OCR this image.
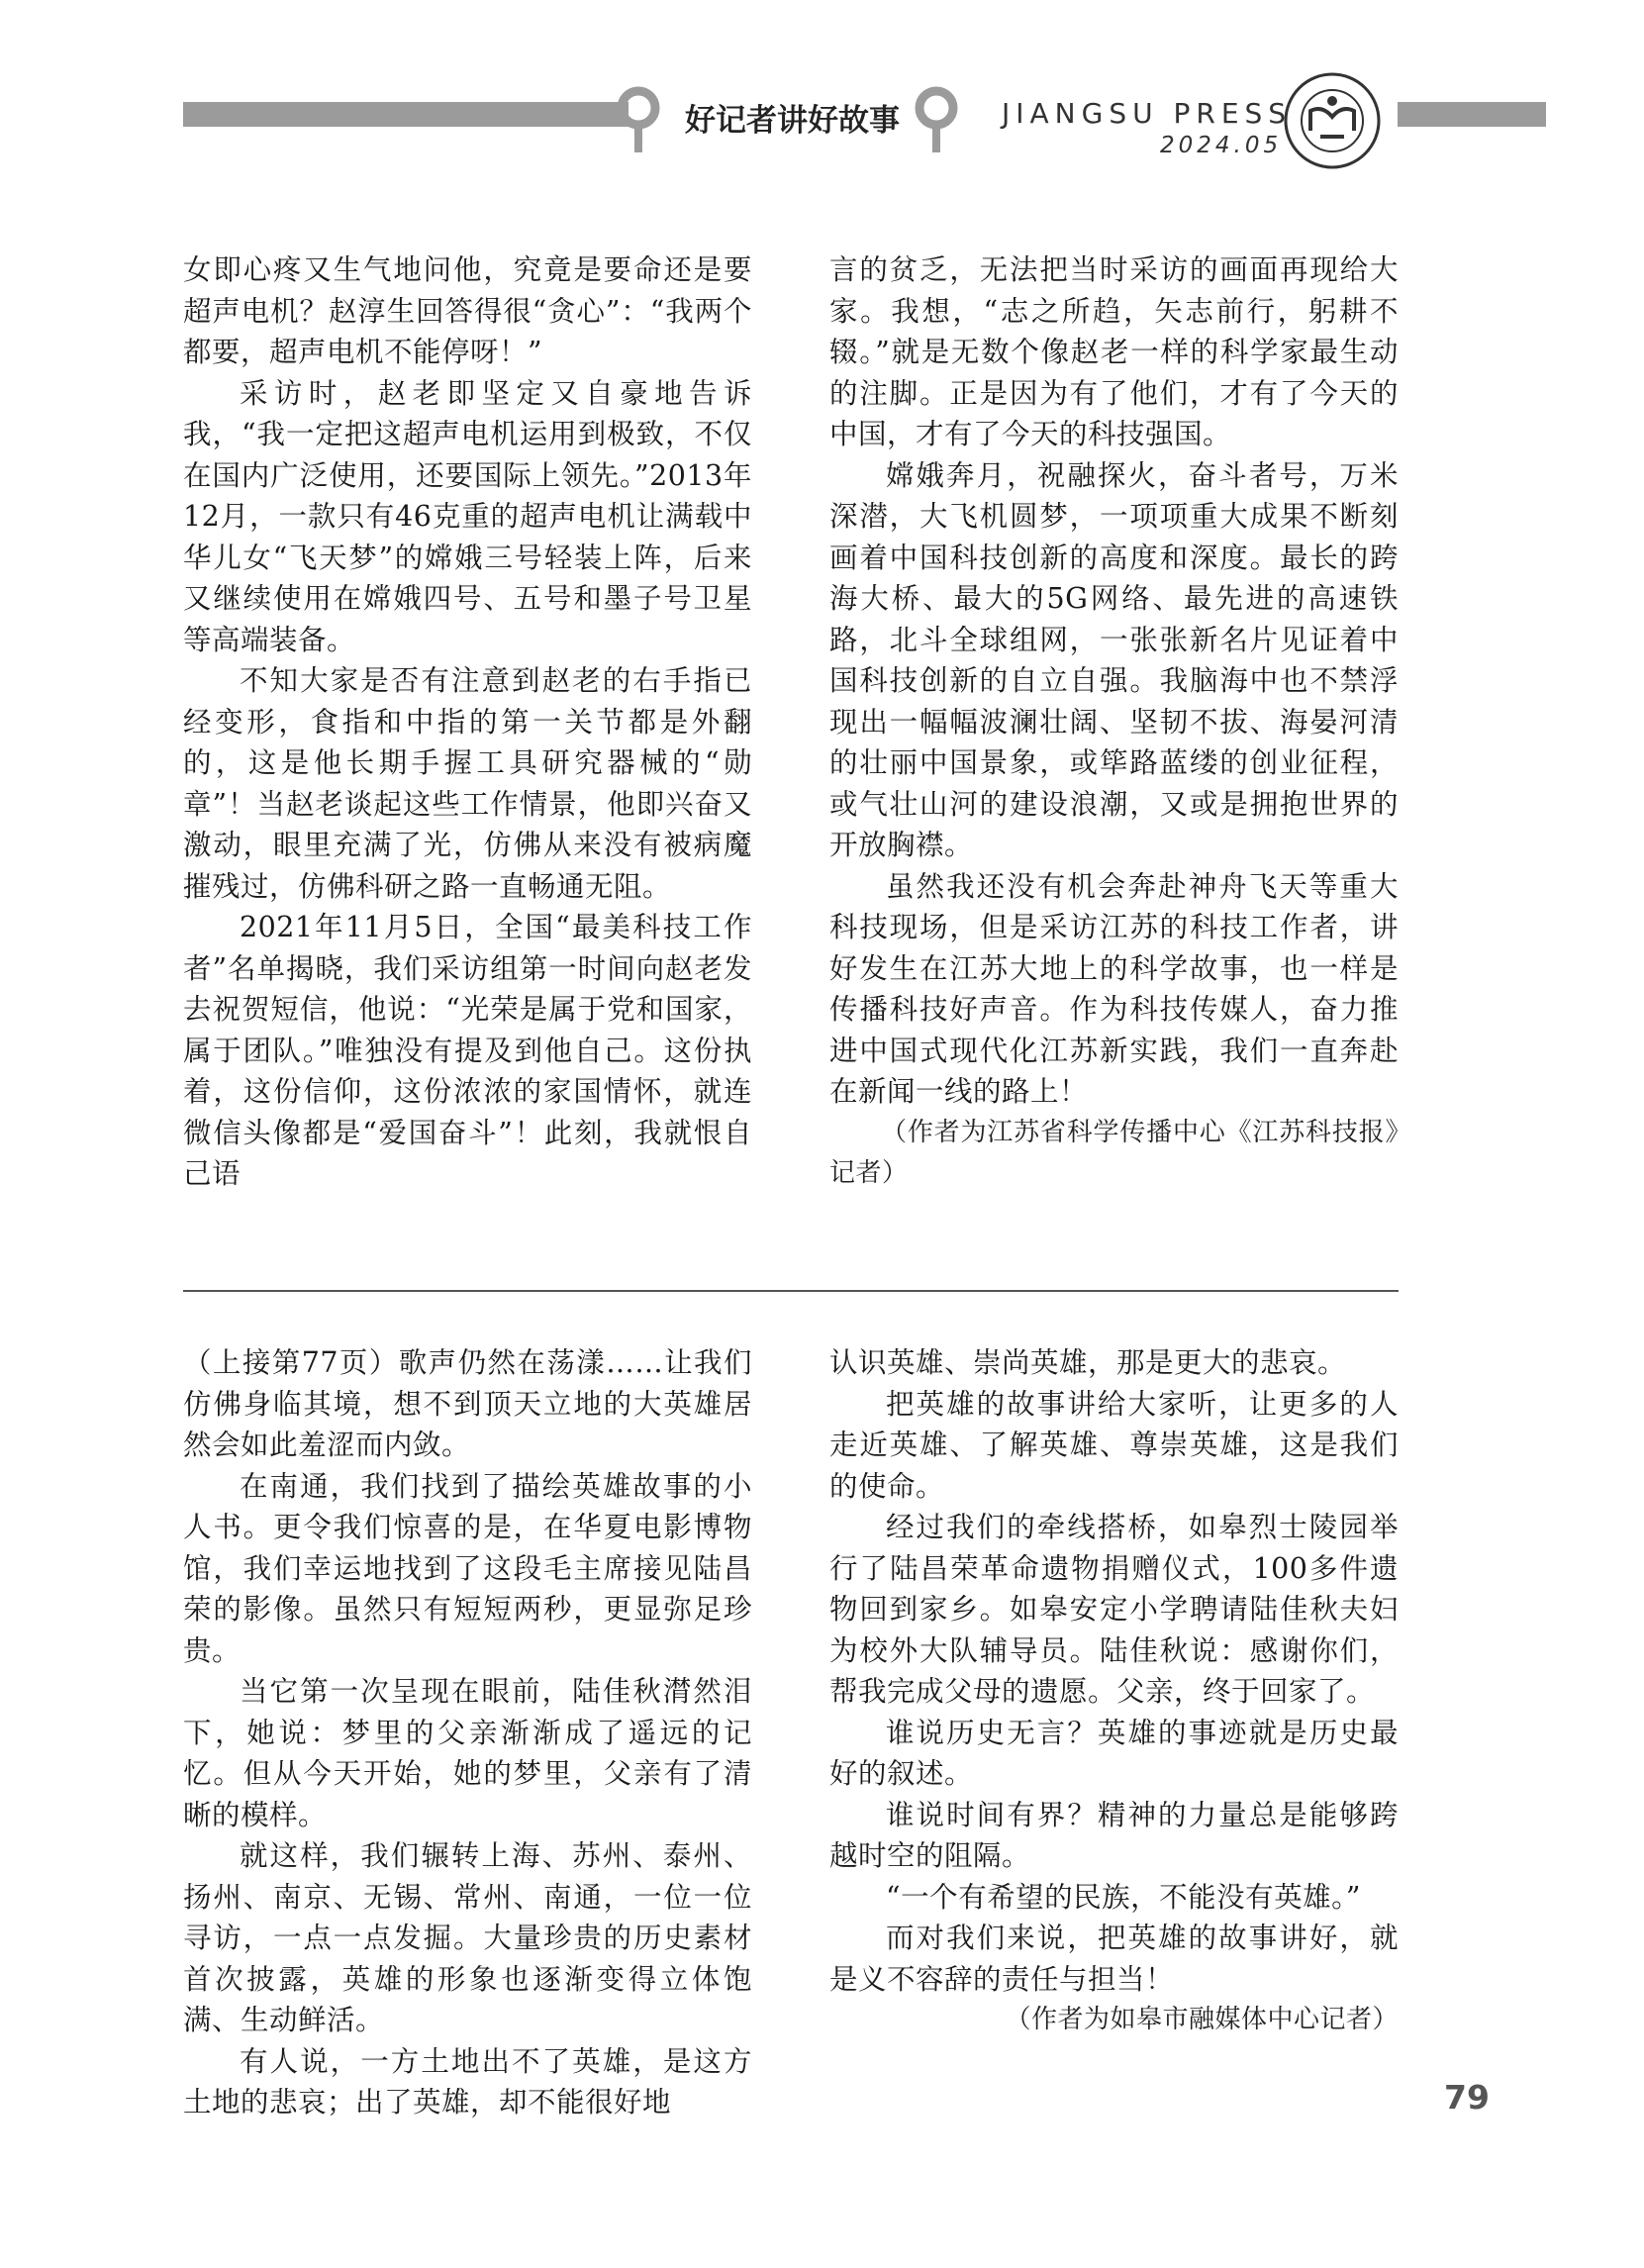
好记者讲好故事	JIANGSU PRESS
2024.05

女即心疼又生气地问他，究竟是要命还是要超声电机？赵淳生回答得很“贪心”：“我两个都要，超声电机不能停呀！”

采访时，赵老即坚定又自豪地告诉我，“我一定把这超声电机运用到极致，不仅在国内广泛使用，还要国际上领先。”2013年12月，一款只有46克重的超声电机让满载中华儿女“飞天梦”的嫦娥三号轻装上阵，后来又继续使用在嫦娥四号、五号和墨子号卫星等高端装备。

不知大家是否有注意到赵老的右手指已经变形，食指和中指的第一关节都是外翻的，这是他长期手握工具研究器械的“勋章”！当赵老谈起这些工作情景，他即兴奋又激动，眼里充满了光，仿佛从来没有被病魔摧残过，仿佛科研之路一直畅通无阻。

2021年11月5日，全国“最美科技工作者”名单揭晓，我们采访组第一时间向赵老发去祝贺短信，他说：“光荣是属于党和国家，属于团队。”唯独没有提及到他自己。这份执着，这份信仰，这份浓浓的家国情怀，就连微信头像都是“爱国奋斗”！此刻，我就恨自己语

言的贫乏，无法把当时采访的画面再现给大家。我想，“志之所趋，矢志前行，躬耕不辍。”就是无数个像赵老一样的科学家最生动的注脚。正是因为有了他们，才有了今天的中国，才有了今天的科技强国。

嫦娥奔月，祝融探火，奋斗者号，万米深潜，大飞机圆梦，一项项重大成果不断刻画着中国科技创新的高度和深度。最长的跨海大桥、最大的5G网络、最先进的高速铁路，北斗全球组网，一张张新名片见证着中国科技创新的自立自强。我脑海中也不禁浮现出一幅幅波澜壮阔、坚韧不拔、海晏河清的壮丽中国景象，或筚路蓝缕的创业征程，或气壮山河的建设浪潮，又或是拥抱世界的开放胸襟。

虽然我还没有机会奔赴神舟飞天等重大科技现场，但是采访江苏的科技工作者，讲好发生在江苏大地上的科学故事，也一样是传播科技好声音。作为科技传媒人，奋力推进中国式现代化江苏新实践，我们一直奔赴在新闻一线的路上！

（作者为江苏省科学传播中心《江苏科技报》记者）

（上接第77页）歌声仍然在荡漾……让我们仿佛身临其境，想不到顶天立地的大英雄居然会如此羞涩而内敛。

在南通，我们找到了描绘英雄故事的小人书。更令我们惊喜的是，在华夏电影博物馆，我们幸运地找到了这段毛主席接见陆昌荣的影像。虽然只有短短两秒，更显弥足珍贵。

当它第一次呈现在眼前，陆佳秋潸然泪下，她说：梦里的父亲渐渐成了遥远的记忆。但从今天开始，她的梦里，父亲有了清晰的模样。

就这样，我们辗转上海、苏州、泰州、扬州、南京、无锡、常州、南通，一位一位寻访，一点一点发掘。大量珍贵的历史素材首次披露，英雄的形象也逐渐变得立体饱满、生动鲜活。

有人说，一方土地出不了英雄，是这方土地的悲哀；出了英雄，却不能很好地

认识英雄、崇尚英雄，那是更大的悲哀。

把英雄的故事讲给大家听，让更多的人走近英雄、了解英雄、尊崇英雄，这是我们的使命。

经过我们的牵线搭桥，如皋烈士陵园举行了陆昌荣革命遗物捐赠仪式，100多件遗物回到家乡。如皋安定小学聘请陆佳秋夫妇为校外大队辅导员。陆佳秋说：感谢你们，帮我完成父母的遗愿。父亲，终于回家了。

谁说历史无言？英雄的事迹就是历史最好的叙述。

谁说时间有界？精神的力量总是能够跨越时空的阻隔。

“一个有希望的民族，不能没有英雄。”

而对我们来说，把英雄的故事讲好，就是义不容辞的责任与担当！

（作者为如皋市融媒体中心记者）

79
